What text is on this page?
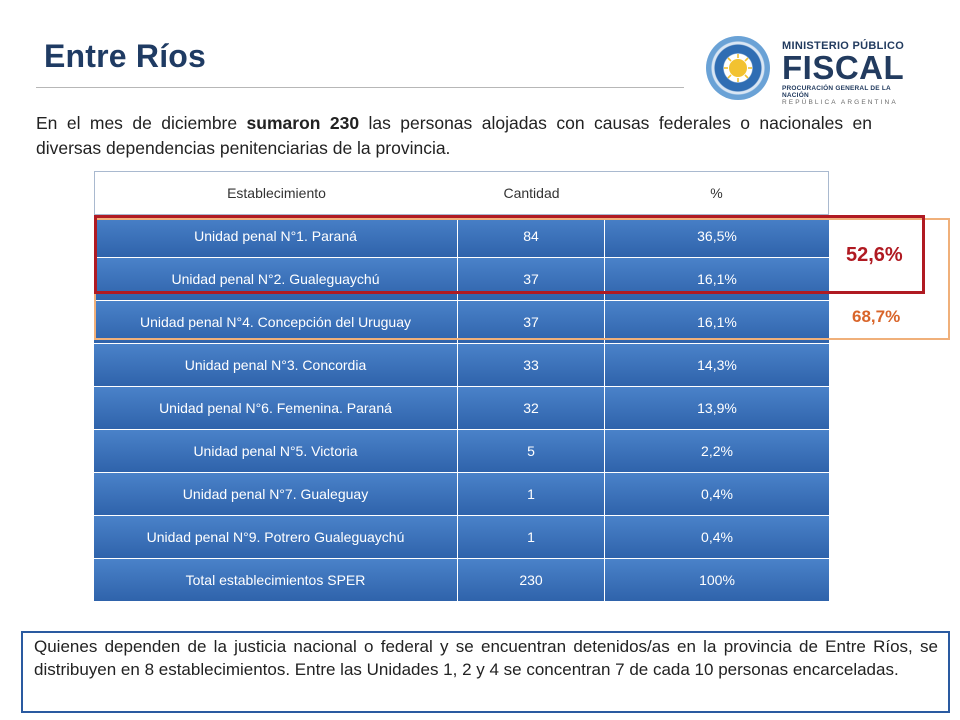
Entre Ríos	MINISTERIO PÚBLICO
FISCAL
PROCURACIÓN GENERAL DE LA NACIÓN
REPÚBLICA ARGENTINA

En el mes de diciembre sumaron 230 las personas alojadas con causas federales o nacionales en diversas dependencias penitenciarias de la provincia.

Establecimiento	Cantidad	%
Unidad penal N°1. Paraná	84	36,5%
Unidad penal N°2. Gualeguaychú	37	16,1%
Unidad penal N°4. Concepción del Uruguay	37	16,1%
Unidad penal N°3. Concordia	33	14,3%
Unidad penal N°6. Femenina. Paraná	32	13,9%
Unidad penal N°5. Victoria	5	2,2%
Unidad penal N°7. Gualeguay	1	0,4%
Unidad penal N°9. Potrero Gualeguaychú	1	0,4%
Total establecimientos SPER	230	100%
52,6%
68,7%

Quienes dependen de la justicia nacional o federal y se encuentran detenidos/as en la provincia de Entre Ríos, se distribuyen en 8 establecimientos. Entre las Unidades 1, 2 y 4 se concentran 7 de cada 10 personas encarceladas.
